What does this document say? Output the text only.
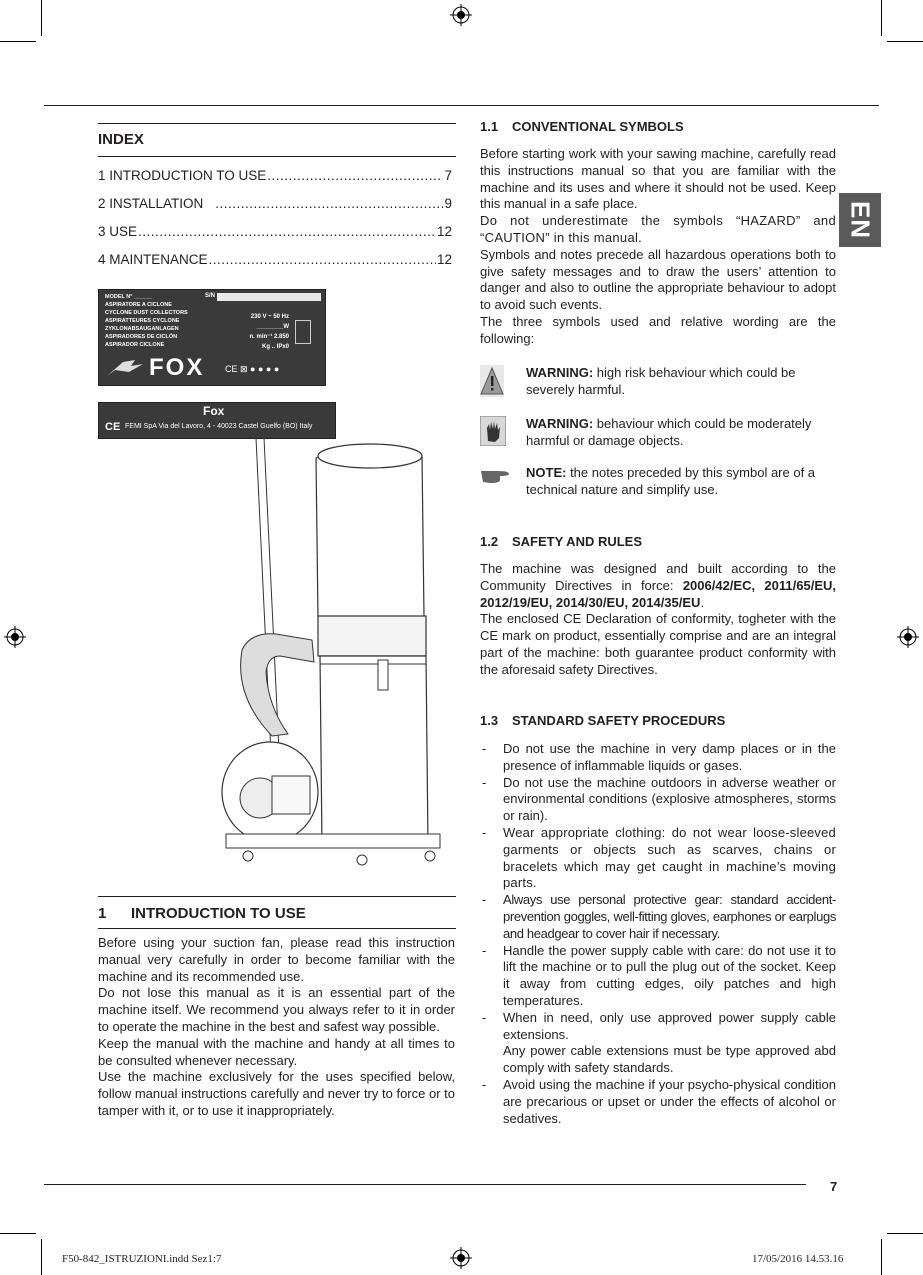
INDEX
1 INTRODUCTION TO USE .....	7
2 INSTALLATION .....	9
3 USE .....	12
4 MAINTENANCE .....	12
MODEL N° ______
ASPIRATORE A CICLONE
CYCLONE DUST COLLECTORS
ASPIRATTEURES CYCLONE
ZYKLONABSAUGANLAGEN
ASPIRADORES DE CICLÓN
ASPIRADOR CICLONE
S/N
230 V ~ 50 Hz
________W
n. min⁻¹ 2.850
Kg .. IPx0
FOX CE ⊠ ● ● ● ●
Fox
CE FEMI SpA Via del Lavoro, 4 - 40023 Castel Guelfo (BO) Italy
1 INTRODUCTION TO USE

Before using your suction fan, please read this instruction manual very carefully in order to become familiar with the machine and its recommended use.

Do not lose this manual as it is an essential part of the machine itself. We recommend you always refer to it in order to operate the machine in the best and safest way possible.

Keep the manual with the machine and handy at all times to be consulted whenever necessary.

Use the machine exclusively for the uses specified below, follow manual instructions carefully and never try to force or to tamper with it, or to use it inappropriately.

1.1 CONVENTIONAL SYMBOLS

Before starting work with your sawing machine, carefully read this instructions manual so that you are familiar with the machine and its uses and where it should not be used. Keep this manual in a safe place.

Do not underestimate the symbols “HAZARD” and “CAUTION” in this manual.

Symbols and notes precede all hazardous operations both to give safety messages and to draw the users’ attention to danger and also to outline the appropriate behaviour to adopt to avoid such events.

The three symbols used and relative wording are the following:

WARNING: high risk behaviour which could be severely harmful.
WARNING: behaviour which could be moderately harmful or damage objects.
NOTE: the notes preceded by this symbol are of a technical nature and simplify use.
1.2 SAFETY AND RULES

The machine was designed and built according to the Community Directives in force: 2006/42/EC, 2011/65/EU, 2012/19/EU, 2014/30/EU, 2014/35/EU.

The enclosed CE Declaration of conformity, togheter with the CE mark on product, essentially comprise and are an integral part of the machine: both guarantee product conformity with the aforesaid safety Directives.

1.3 STANDARD SAFETY PROCEDURS
- Do not use the machine in very damp places or in the presence of inflammable liquids or gases.
- Do not use the machine outdoors in adverse weather or environmental conditions (explosive atmospheres, storms or rain).
- Wear appropriate clothing: do not wear loose-sleeved garments or objects such as scarves, chains or bracelets which may get caught in machine’s moving parts.
- Always use personal protective gear: standard accident-prevention goggles, well-fitting gloves, earphones or earplugs and headgear to cover hair if necessary.
- Handle the power supply cable with care: do not use it to lift the machine or to pull the plug out of the socket. Keep it away from cutting edges, oily patches and high temperatures.
- When in need, only use approved power supply cable extensions.
Any power cable extensions must be type approved abd comply with safety standards.
- Avoid using the machine if your psycho-physical condition are precarious or upset or under the effects of alcohol or sedatives.
EN
7
F50-842_ISTRUZIONI.indd Sez1:7	17/05/2016 14.53.16
